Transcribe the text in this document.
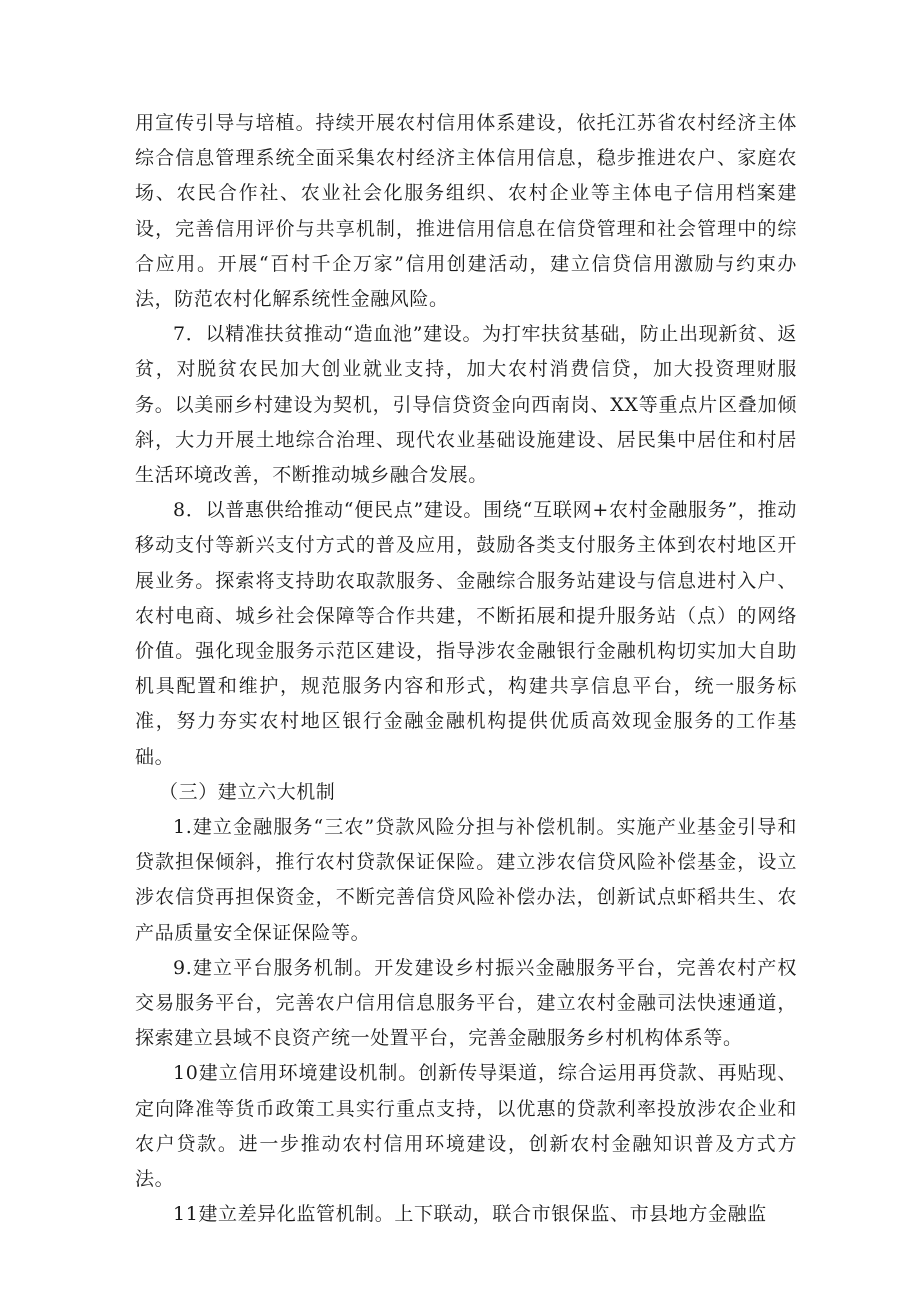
用宣传引导与培植。持续开展农村信用体系建设，依托江苏省农村经济主体综合信息管理系统全面采集农村经济主体信用信息，稳步推进农户、家庭农场、农民合作社、农业社会化服务组织、农村企业等主体电子信用档案建设，完善信用评价与共享机制，推进信用信息在信贷管理和社会管理中的综合应用。开展“百村千企万家”信用创建活动，建立信贷信用激励与约束办法，防范农村化解系统性金融风险。

7．以精准扶贫推动“造血池”建设。为打牢扶贫基础，防止出现新贫、返贫，对脱贫农民加大创业就业支持，加大农村消费信贷，加大投资理财服务。以美丽乡村建设为契机，引导信贷资金向西南岗、XX等重点片区叠加倾斜，大力开展土地综合治理、现代农业基础设施建设、居民集中居住和村居生活环境改善，不断推动城乡融合发展。

8．以普惠供给推动“便民点”建设。围绕“互联网+农村金融服务”，推动移动支付等新兴支付方式的普及应用，鼓励各类支付服务主体到农村地区开展业务。探索将支持助农取款服务、金融综合服务站建设与信息进村入户、农村电商、城乡社会保障等合作共建，不断拓展和提升服务站（点）的网络价值。强化现金服务示范区建设，指导涉农金融银行金融机构切实加大自助机具配置和维护，规范服务内容和形式，构建共享信息平台，统一服务标准，努力夯实农村地区银行金融金融机构提供优质高效现金服务的工作基础。

（三）建立六大机制

1.建立金融服务“三农”贷款风险分担与补偿机制。实施产业基金引导和贷款担保倾斜，推行农村贷款保证保险。建立涉农信贷风险补偿基金，设立涉农信贷再担保资金，不断完善信贷风险补偿办法，创新试点虾稻共生、农产品质量安全保证保险等。

9.建立平台服务机制。开发建设乡村振兴金融服务平台，完善农村产权交易服务平台，完善农户信用信息服务平台，建立农村金融司法快速通道，探索建立县域不良资产统一处置平台，完善金融服务乡村机构体系等。

10建立信用环境建设机制。创新传导渠道，综合运用再贷款、再贴现、定向降准等货币政策工具实行重点支持，以优惠的贷款利率投放涉农企业和农户贷款。进一步推动农村信用环境建设，创新农村金融知识普及方式方法。

11建立差异化监管机制。上下联动，联合市银保监、市县地方金融监
